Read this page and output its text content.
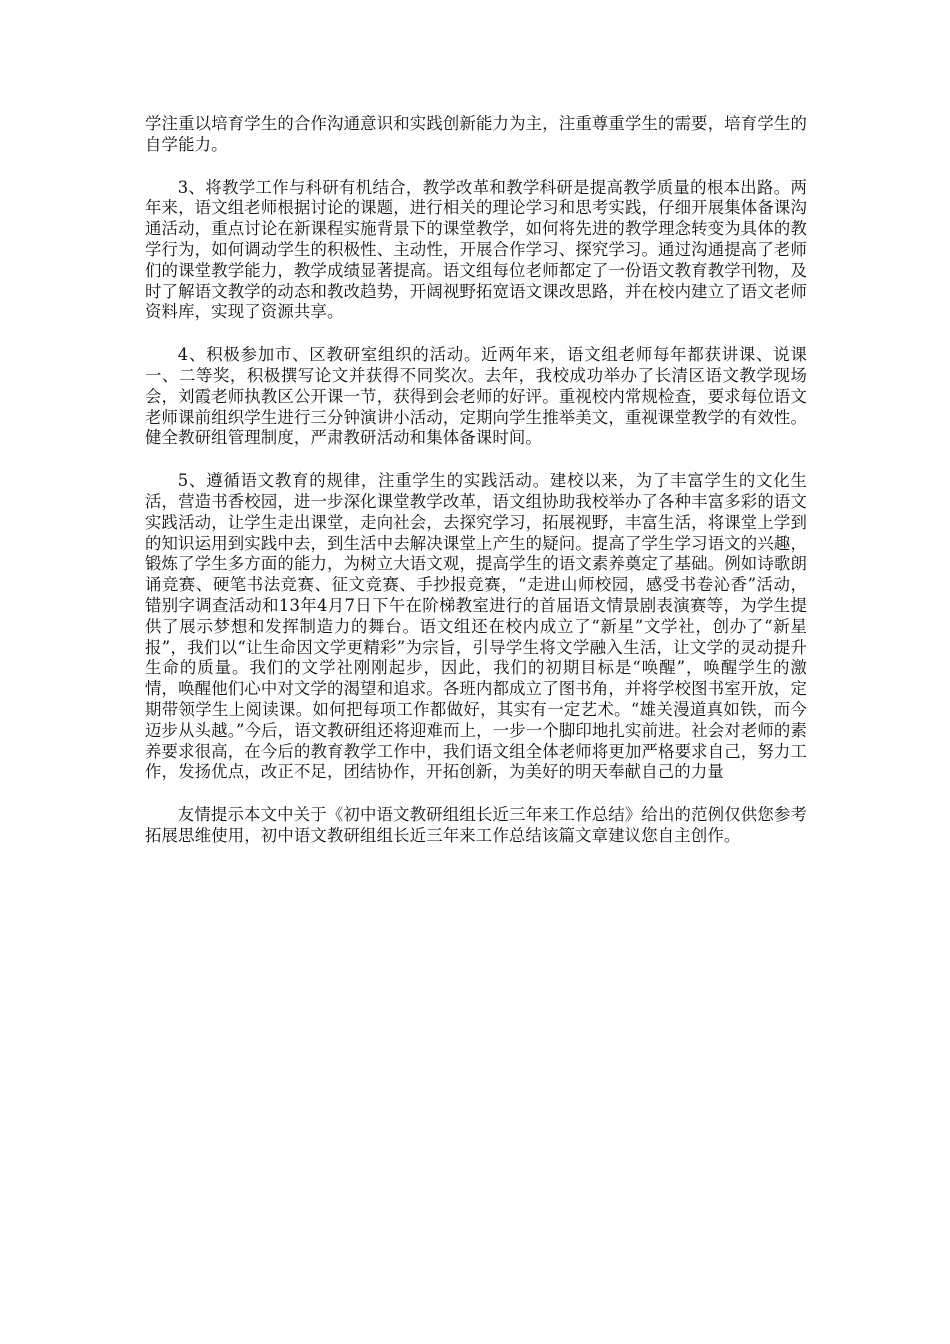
学注重以培育学生的合作沟通意识和实践创新能力为主，注重尊重学生的需要，培育学生的自学能力。

3、将教学工作与科研有机结合，教学改革和教学科研是提高教学质量的根本出路。两年来，语文组老师根据讨论的课题，进行相关的理论学习和思考实践，仔细开展集体备课沟通活动，重点讨论在新课程实施背景下的课堂教学，如何将先进的教学理念转变为具体的教学行为，如何调动学生的积极性、主动性，开展合作学习、探究学习。通过沟通提高了老师们的课堂教学能力，教学成绩显著提高。语文组每位老师都定了一份语文教育教学刊物，及时了解语文教学的动态和教改趋势，开阔视野拓宽语文课改思路，并在校内建立了语文老师资料库，实现了资源共享。

4、积极参加市、区教研室组织的活动。近两年来，语文组老师每年都获讲课、说课一、二等奖，积极撰写论文并获得不同奖次。去年，我校成功举办了长清区语文教学现场会，刘霞老师执教区公开课一节，获得到会老师的好评。重视校内常规检查，要求每位语文老师课前组织学生进行三分钟演讲小活动，定期向学生推举美文，重视课堂教学的有效性。健全教研组管理制度，严肃教研活动和集体备课时间。

5、遵循语文教育的规律，注重学生的实践活动。建校以来，为了丰富学生的文化生活，营造书香校园，进一步深化课堂教学改革，语文组协助我校举办了各种丰富多彩的语文实践活动，让学生走出课堂，走向社会，去探究学习，拓展视野，丰富生活，将课堂上学到的知识运用到实践中去，到生活中去解决课堂上产生的疑问。提高了学生学习语文的兴趣，锻炼了学生多方面的能力，为树立大语文观，提高学生的语文素养奠定了基础。例如诗歌朗诵竞赛、硬笔书法竞赛、征文竞赛、手抄报竞赛，“走进山师校园，感受书卷沁香”活动，错别字调查活动和13年4月7日下午在阶梯教室进行的首届语文情景剧表演赛等，为学生提供了展示梦想和发挥制造力的舞台。语文组还在校内成立了“新星”文学社，创办了“新星报”，我们以“让生命因文学更精彩”为宗旨，引导学生将文学融入生活，让文学的灵动提升生命的质量。我们的文学社刚刚起步，因此，我们的初期目标是“唤醒”，唤醒学生的激情，唤醒他们心中对文学的渴望和追求。各班内都成立了图书角，并将学校图书室开放，定期带领学生上阅读课。如何把每项工作都做好，其实有一定艺术。“雄关漫道真如铁，而今迈步从头越。”今后，语文教研组还将迎难而上，一步一个脚印地扎实前进。社会对老师的素养要求很高，在今后的教育教学工作中，我们语文组全体老师将更加严格要求自己，努力工作，发扬优点，改正不足，团结协作，开拓创新，为美好的明天奉献自己的力量

友情提示本文中关于《初中语文教研组组长近三年来工作总结》给出的范例仅供您参考拓展思维使用，初中语文教研组组长近三年来工作总结该篇文章建议您自主创作。
